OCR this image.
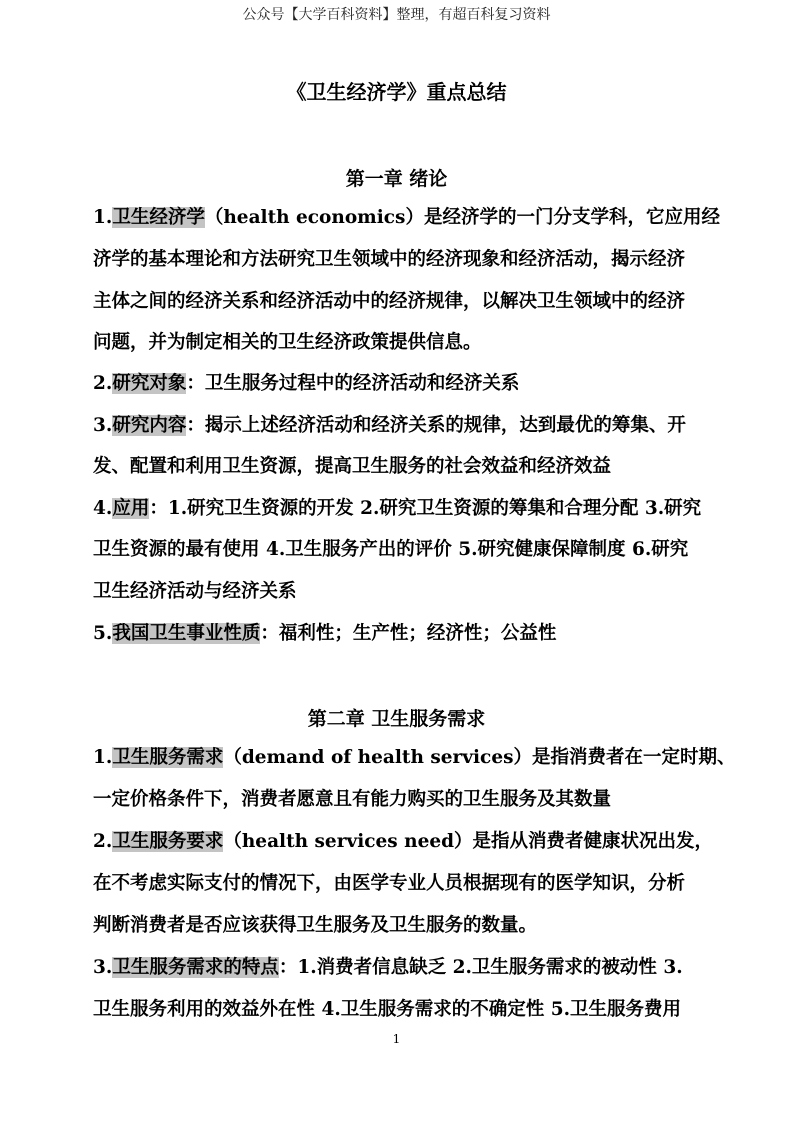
公众号【大学百科资料】整理，有超百科复习资料
《卫生经济学》重点总结
第一章 绪论
1.卫生经济学（health economics）是经济学的一门分支学科，它应用经
济学的基本理论和方法研究卫生领域中的经济现象和经济活动，揭示经济
主体之间的经济关系和经济活动中的经济规律，以解决卫生领域中的经济
问题，并为制定相关的卫生经济政策提供信息。
2.研究对象：卫生服务过程中的经济活动和经济关系
3.研究内容：揭示上述经济活动和经济关系的规律，达到最优的筹集、开
发、配置和利用卫生资源，提高卫生服务的社会效益和经济效益
4.应用：1.研究卫生资源的开发 2.研究卫生资源的筹集和合理分配 3.研究
卫生资源的最有使用 4.卫生服务产出的评价 5.研究健康保障制度 6.研究
卫生经济活动与经济关系
5.我国卫生事业性质：福利性；生产性；经济性；公益性
第二章 卫生服务需求
1.卫生服务需求（demand of health services）是指消费者在一定时期、
一定价格条件下，消费者愿意且有能力购买的卫生服务及其数量
2.卫生服务要求（health services need）是指从消费者健康状况出发，
在不考虑实际支付的情况下，由医学专业人员根据现有的医学知识，分析
判断消费者是否应该获得卫生服务及卫生服务的数量。
3.卫生服务需求的特点：1.消费者信息缺乏 2.卫生服务需求的被动性 3.
卫生服务利用的效益外在性 4.卫生服务需求的不确定性 5.卫生服务费用
1
